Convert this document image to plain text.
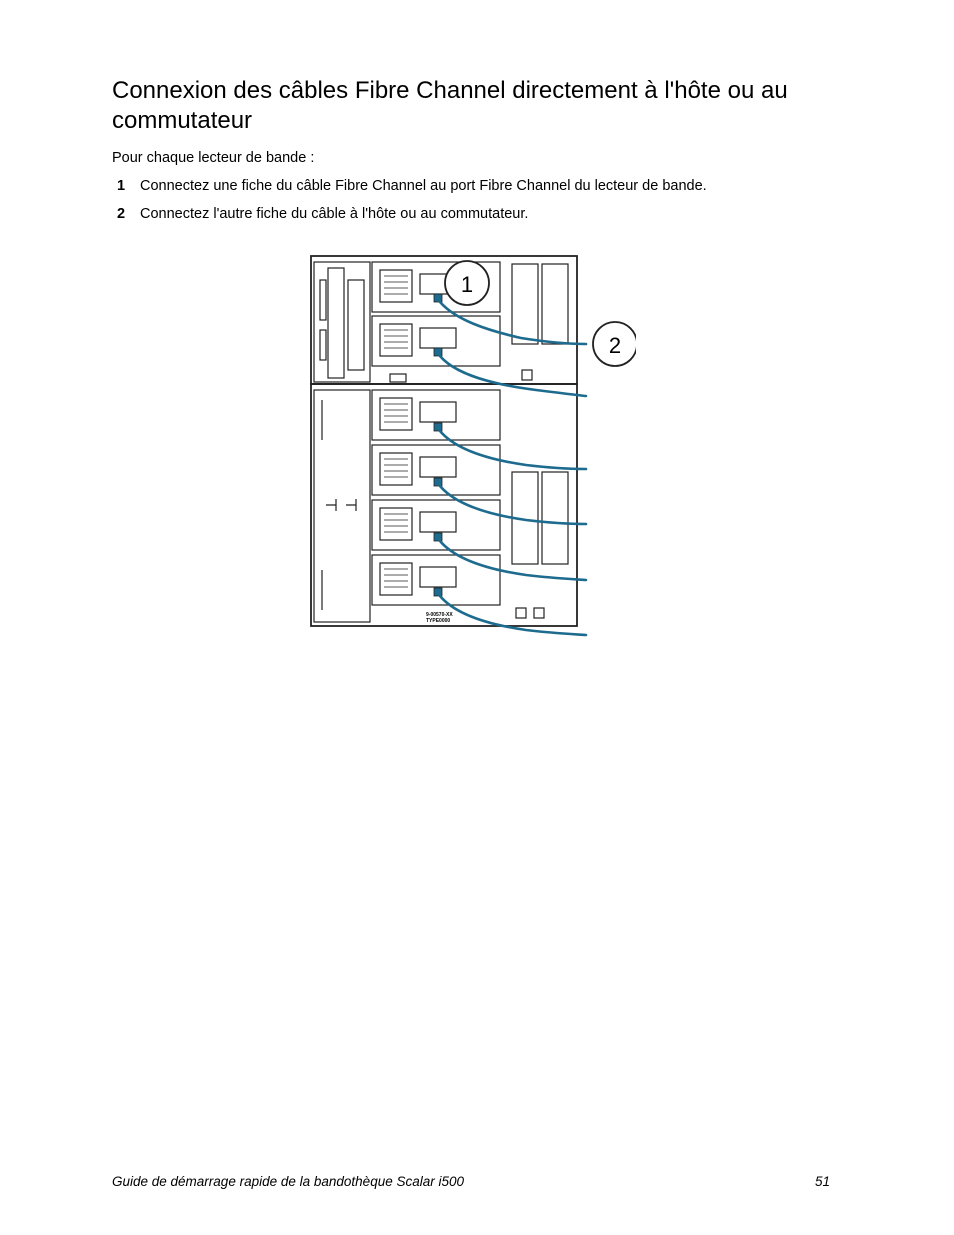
Connexion des câbles Fibre Channel directement à l'hôte ou au commutateur

Pour chaque lecteur de bande :

1 Connectez une fiche du câble Fibre Channel au port Fibre Channel du lecteur de bande.
2 Connectez l'autre fiche du câble à l'hôte ou au commutateur.
1
2
9-00570-XX
TYPE0000
Guide de démarrage rapide de la bandothèque Scalar i500	51
